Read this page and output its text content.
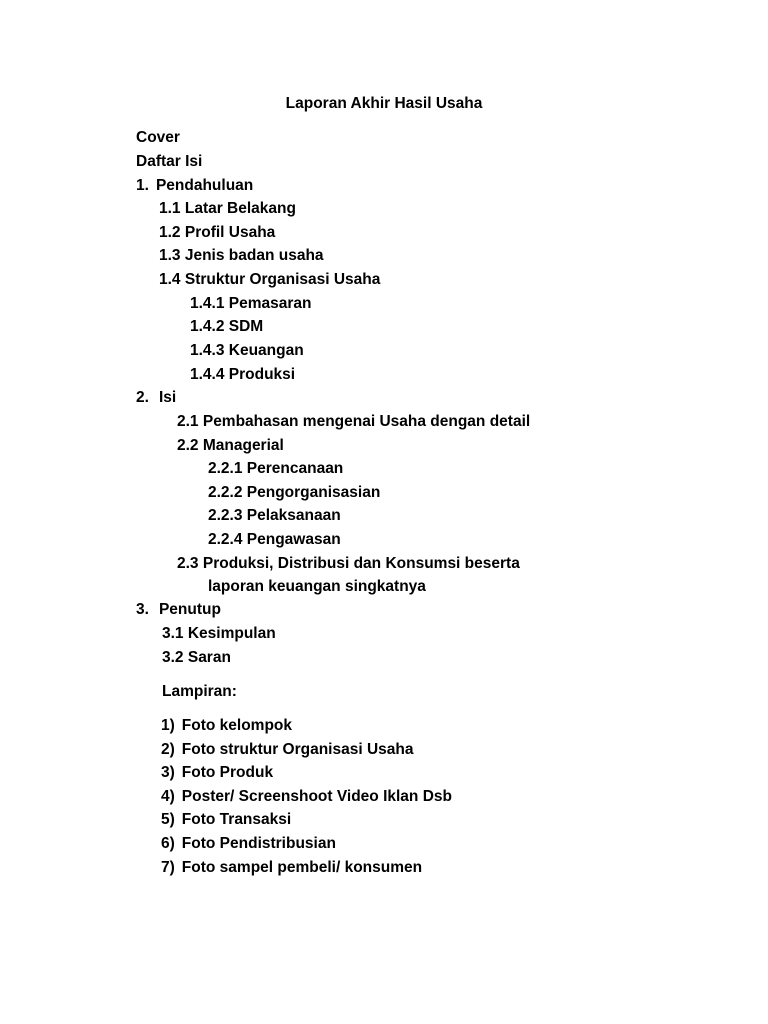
Laporan Akhir Hasil Usaha
Cover
Daftar Isi
1. Pendahuluan
1.1 Latar Belakang
1.2 Profil Usaha
1.3 Jenis badan usaha
1.4 Struktur Organisasi Usaha
1.4.1 Pemasaran
1.4.2 SDM
1.4.3 Keuangan
1.4.4 Produksi
2. Isi
2.1 Pembahasan mengenai Usaha dengan detail
2.2 Managerial
2.2.1 Perencanaan
2.2.2 Pengorganisasian
2.2.3 Pelaksanaan
2.2.4 Pengawasan
2.3 Produksi, Distribusi dan Konsumsi beserta
laporan keuangan singkatnya
3. Penutup
3.1 Kesimpulan
3.2 Saran
Lampiran:
1) Foto kelompok
2) Foto struktur Organisasi Usaha
3) Foto Produk
4) Poster/ Screenshoot Video Iklan Dsb
5) Foto Transaksi
6) Foto Pendistribusian
7) Foto sampel pembeli/ konsumen
